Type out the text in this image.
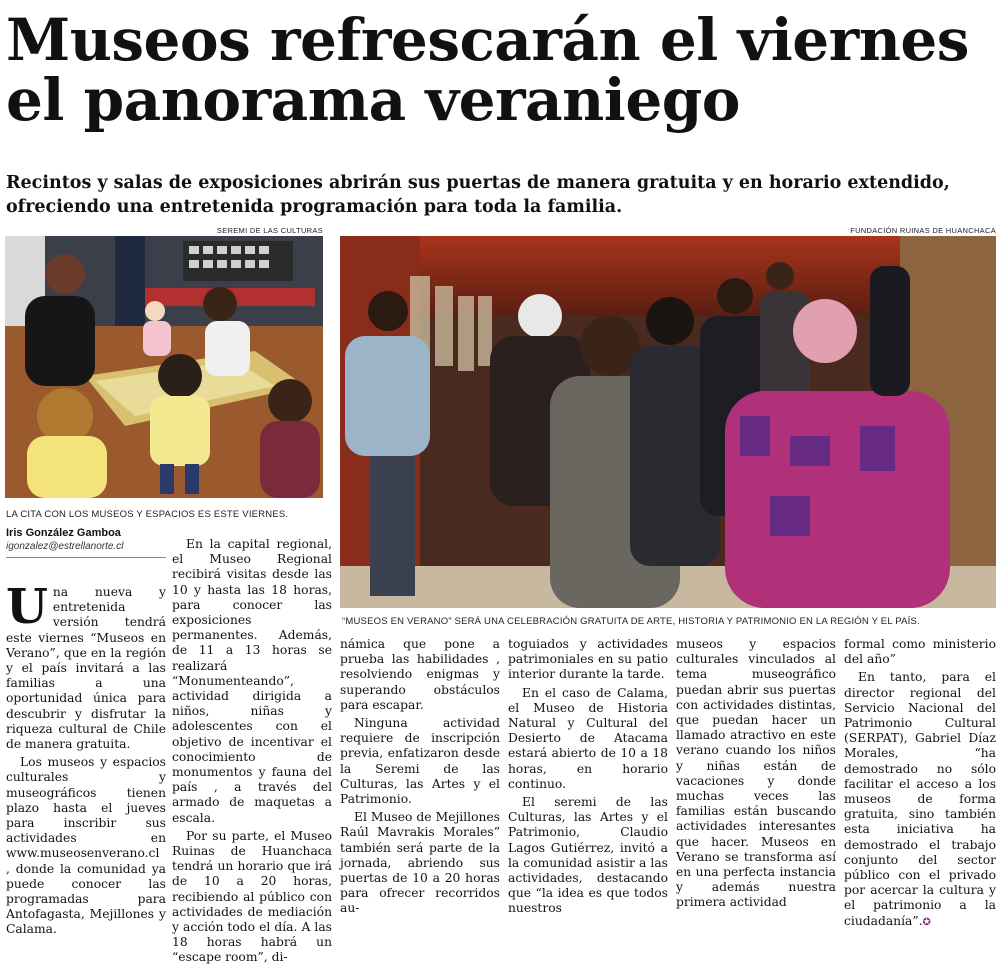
Museos refrescarán el viernes
el panorama veraniego
Recintos y salas de exposiciones abrirán sus puertas de manera gratuita y en horario extendido, ofreciendo una entretenida programación para toda la familia.
SEREMI DE LAS CULTURAS
LA CITA CON LOS MUSEOS Y ESPACIOS ES ESTE VIERNES.
FUNDACIÓN RUINAS DE HUANCHACA
“MUSEOS EN VERANO” SERÁ UNA CELEBRACIÓN GRATUITA DE ARTE, HISTORIA Y PATRIMONIO EN LA REGIÓN Y EL PAÍS.
Iris González Gamboa
igonzalez@estrellanorte.cl

Una nueva y entretenida versión tendrá este viernes “Museos en Verano”, que en la región y el país invitará a las familias a una oportunidad única para descubrir y disfrutar la riqueza cultural de Chile de manera gratuita.

Los museos y espacios culturales y museográficos tienen plazo hasta el jueves para inscribir sus actividades en www.museosenverano.cl , donde la comunidad ya puede conocer las programadas para Antofagasta, Mejillones y Calama.

En la capital regional, el Museo Regional recibirá visitas desde las 10 y hasta las 18 horas, para conocer las exposiciones permanentes. Además, de 11 a 13 horas se realizará “Monumenteando”, actividad dirigida a niños, niñas y adolescentes con el objetivo de incentivar el conocimiento de monumentos y fauna del país , a través del armado de maquetas a escala.

Por su parte, el Museo Ruinas de Huanchaca tendrá un horario que irá de 10 a 20 horas, recibiendo al público con actividades de mediación y acción todo el día. A las 18 horas habrá un “escape room”, di-

námica que pone a prueba las habilidades , resolviendo enigmas y superando obstáculos para escapar.

Ninguna actividad requiere de inscripción previa, enfatizaron desde la Seremi de las Culturas, las Artes y el Patrimonio.

El Museo de Mejillones Raúl Mavrakis Morales” también será parte de la jornada, abriendo sus puertas de 10 a 20 horas para ofrecer recorridos au-

toguiados y actividades patrimoniales en su patio interior durante la tarde.

En el caso de Calama, el Museo de Historia Natural y Cultural del Desierto de Atacama estará abierto de 10 a 18 horas, en horario continuo.

El seremi de las Culturas, las Artes y el Patrimonio, Claudio Lagos Gutiérrez, invitó a la comunidad asistir a las actividades, destacando que “la idea es que todos nuestros

museos y espacios culturales vinculados al tema museográfico puedan abrir sus puertas con actividades distintas, que puedan hacer un llamado atractivo en este verano cuando los niños y niñas están de vacaciones y donde muchas veces las familias están buscando actividades interesantes que hacer. Museos en Verano se transforma así en una perfecta instancia y además nuestra primera actividad

formal como ministerio del año”

En tanto, para el director regional del Servicio Nacional del Patrimonio Cultural (SERPAT), Gabriel Díaz Morales, “ha demostrado no sólo facilitar el acceso a los museos de forma gratuita, sino también esta iniciativa ha demostrado el trabajo conjunto del sector público con el privado por acercar la cultura y el patrimonio a la ciudadanía”.✪
